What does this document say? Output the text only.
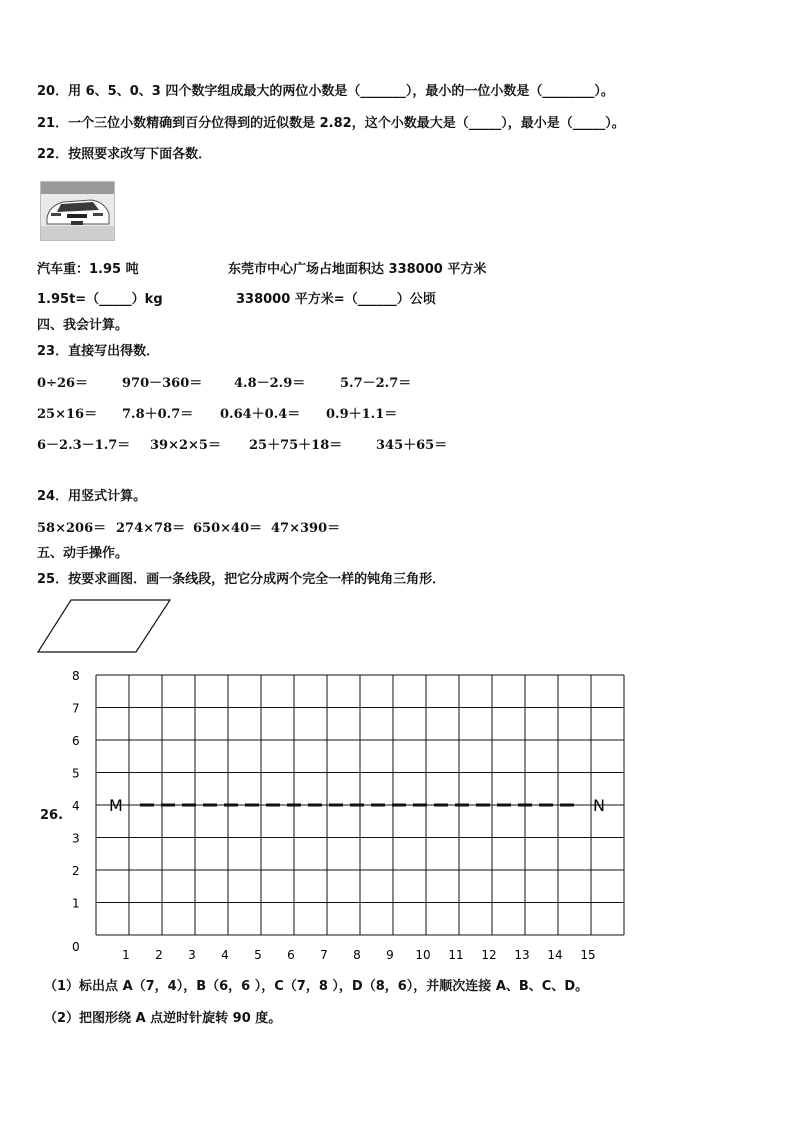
20．用 6、5、0、3 四个数字组成最大的两位小数是（_______），最小的一位小数是（________）。
21．一个三位小数精确到百分位得到的近似数是 2.82，这个小数最大是（_____），最小是（_____）。
22．按照要求改写下面各数．
汽车重：1.95 吨	东莞市中心广场占地面积达 338000 平方米
1.95t=（_____）kg	338000 平方米=（______）公顷
四、我会计算。
23．直接写出得数．
0÷26＝	970－360＝ 4.8－2.9＝	5.7－2.7＝
25×16＝ 7.8＋0.7＝ 0.64＋0.4＝ 0.9＋1.1＝
6－2.3－1.7＝ 39×2×5＝ 25＋75＋18＝	345＋65＝
24．用竖式计算。
58×206＝ 274×78＝ 650×40＝ 47×390＝
五、动手操作。
25．按要求画图．画一条线段，把它分成两个完全一样的钝角三角形．
26.
0
1
2
3
4
5
6
7
8
1 2 3 4 5 6 7 8 9 10 11 12 13 14 15
M	N
（1）标出点 A（7，4），B（6，6 ），C（7，8 ），D（8，6），并顺次连接 A、B、C、D。
（2）把图形绕 A 点逆时针旋转 90 度。
